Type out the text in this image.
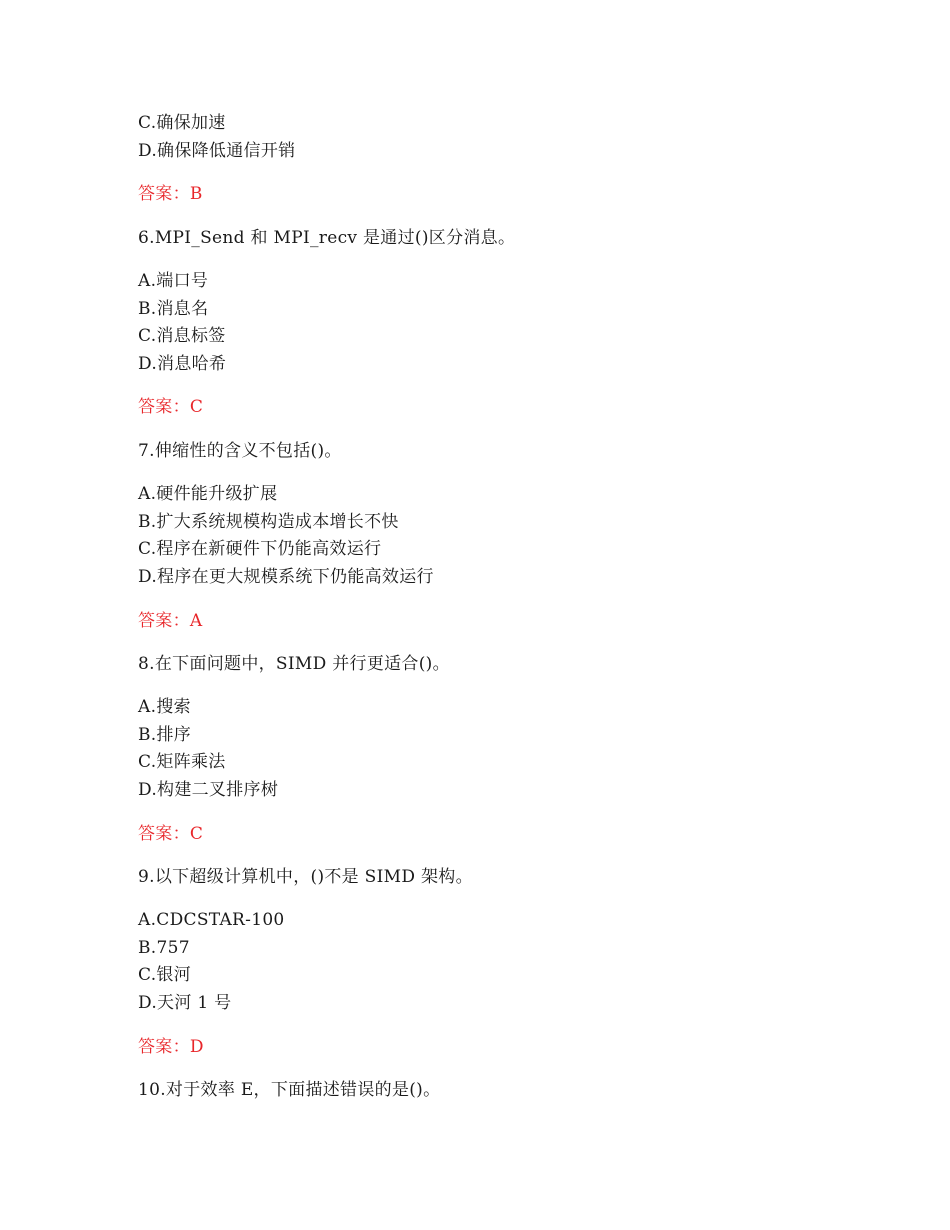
C.确保加速
D.确保降低通信开销
答案：B
6.MPI_Send 和 MPI_recv 是通过()区分消息。
A.端口号
B.消息名
C.消息标签
D.消息哈希
答案：C
7.伸缩性的含义不包括()。
A.硬件能升级扩展
B.扩大系统规模构造成本增长不快
C.程序在新硬件下仍能高效运行
D.程序在更大规模系统下仍能高效运行
答案：A
8.在下面问题中，SIMD 并行更适合()。
A.搜索
B.排序
C.矩阵乘法
D.构建二叉排序树
答案：C
9.以下超级计算机中，()不是 SIMD 架构。
A.CDCSTAR-100
B.757
C.银河
D.天河 1 号
答案：D
10.对于效率 E，下面描述错误的是()。
